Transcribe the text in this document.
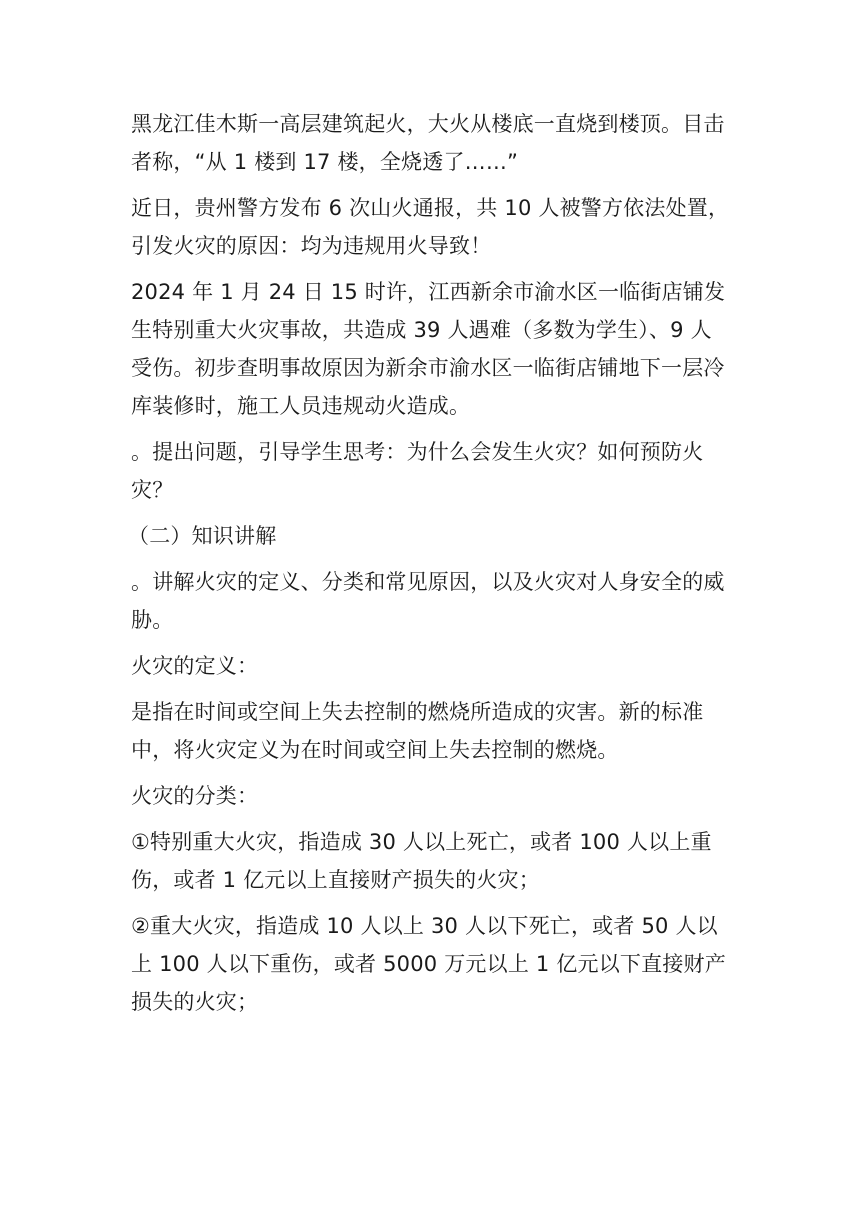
黑龙江佳木斯一高层建筑起火，大火从楼底一直烧到楼顶。目击者称，“从 1 楼到 17 楼，全烧透了……”

近日，贵州警方发布 6 次山火通报，共 10 人被警方依法处置，引发火灾的原因：均为违规用火导致！

2024 年 1 月 24 日 15 时许，江西新余市渝水区一临街店铺发生特别重大火灾事故，共造成 39 人遇难（多数为学生）、9 人受伤。初步查明事故原因为新余市渝水区一临街店铺地下一层冷库装修时，施工人员违规动火造成。

。提出问题，引导学生思考：为什么会发生火灾？如何预防火灾？

（二）知识讲解

。讲解火灾的定义、分类和常见原因，以及火灾对人身安全的威胁。

火灾的定义：

是指在时间或空间上失去控制的燃烧所造成的灾害。新的标准中，将火灾定义为在时间或空间上失去控制的燃烧。

火灾的分类：

①特别重大火灾，指造成 30 人以上死亡，或者 100 人以上重伤，或者 1 亿元以上直接财产损失的火灾；

②重大火灾，指造成 10 人以上 30 人以下死亡，或者 50 人以上 100 人以下重伤，或者 5000 万元以上 1 亿元以下直接财产损失的火灾；
